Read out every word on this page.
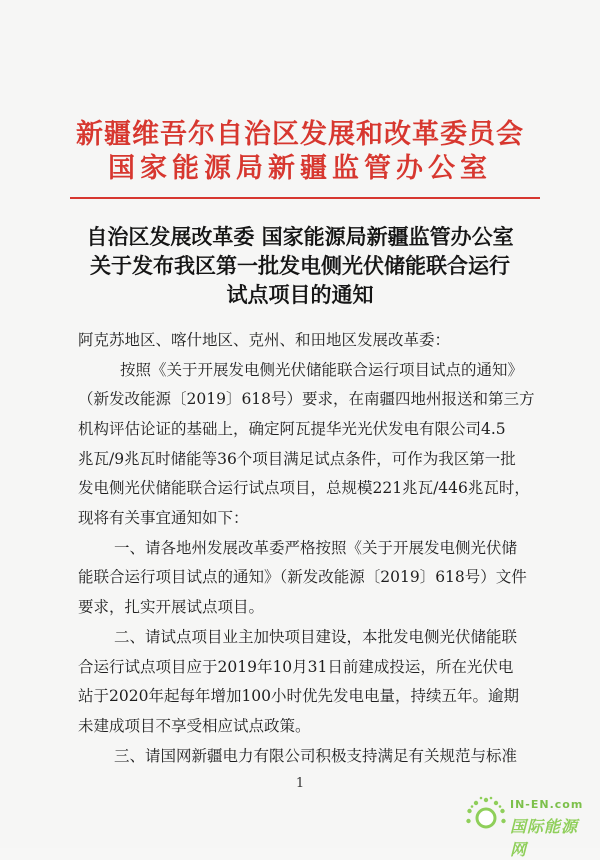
新疆维吾尔自治区发展和改革委员会
国家能源局新疆监管办公室
自治区发展改革委 国家能源局新疆监管办公室
关于发布我区第一批发电侧光伏储能联合运行
试点项目的通知
阿克苏地区、喀什地区、克州、和田地区发展改革委：
按照《关于开展发电侧光伏储能联合运行项目试点的通知》
（新发改能源〔2019〕618号）要求，在南疆四地州报送和第三方
机构评估论证的基础上，确定阿瓦提华光光伏发电有限公司4.5
兆瓦/9兆瓦时储能等36个项目满足试点条件，可作为我区第一批
发电侧光伏储能联合运行试点项目，总规模221兆瓦/446兆瓦时，
现将有关事宜通知如下：
一、请各地州发展改革委严格按照《关于开展发电侧光伏储
能联合运行项目试点的通知》（新发改能源〔2019〕618号）文件
要求，扎实开展试点项目。
二、请试点项目业主加快项目建设，本批发电侧光伏储能联
合运行试点项目应于2019年10月31日前建成投运，所在光伏电
站于2020年起每年增加100小时优先发电电量，持续五年。逾期
未建成项目不享受相应试点政策。
三、请国网新疆电力有限公司积极支持满足有关规范与标准
1
IN-EN.com
国际能源网
